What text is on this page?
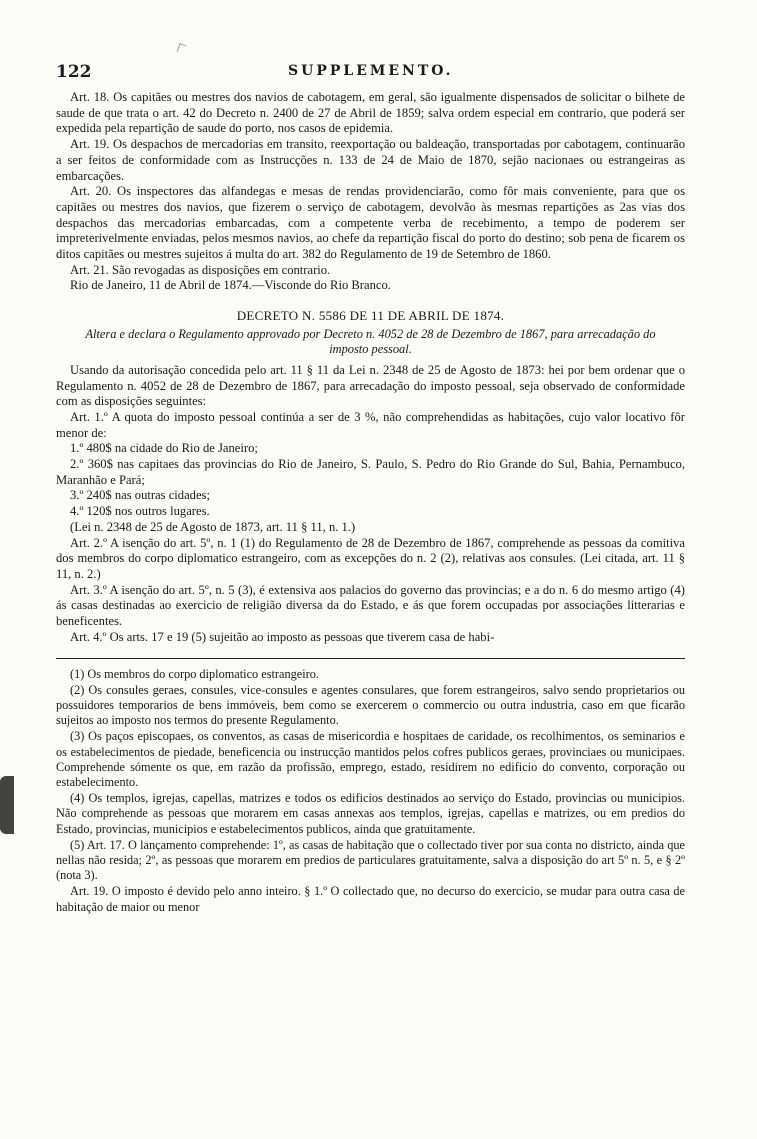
122	SUPPLEMENTO.

Art. 18. Os capitães ou mestres dos navios de cabotagem, em geral, são igualmente dispensados de solicitar o bilhete de saude de que trata o art. 42 do Decreto n. 2400 de 27 de Abril de 1859; salva ordem especial em contrario, que poderá ser expedida pela repartição de saude do porto, nos casos de epidemia.

Art. 19. Os despachos de mercadorias em transito, reexportação ou baldeação, transportadas por cabotagem, continuarão a ser feitos de conformidade com as Instrucções n. 133 de 24 de Maio de 1870, sejão nacionaes ou estrangeiras as embarcações.

Art. 20. Os inspectores das alfandegas e mesas de rendas providenciarão, como fôr mais conveniente, para que os capitães ou mestres dos navios, que fizerem o serviço de cabotagem, devolvão às mesmas repartições as 2as vias dos despachos das mercadorias embarcadas, com a competente verba de recebimento, a tempo de poderem ser impreterivelmente enviadas, pelos mesmos navios, ao chefe da repartição fiscal do porto do destino; sob pena de ficarem os ditos capitães ou mestres sujeitos á multa do art. 382 do Regulamento de 19 de Setembro de 1860.

Art. 21. São revogadas as disposições em contrario.

Rio de Janeiro, 11 de Abril de 1874.—Visconde do Rio Branco.

DECRETO N. 5586 DE 11 DE ABRIL DE 1874.
Altera e declara o Regulamento approvado por Decreto n. 4052 de 28 de Dezembro de 1867, para arrecadação do imposto pessoal.

Usando da autorisação concedida pelo art. 11 § 11 da Lei n. 2348 de 25 de Agosto de 1873: hei por bem ordenar que o Regulamento n. 4052 de 28 de Dezembro de 1867, para arrecadação do imposto pessoal, seja observado de conformidade com as disposições seguintes:

Art. 1.º A quota do imposto pessoal continúa a ser de 3 %, não comprehendidas as habitações, cujo valor locativo fôr menor de:

1.º 480$ na cidade do Rio de Janeiro;

2.º 360$ nas capitaes das provincias do Rio de Janeiro, S. Paulo, S. Pedro do Rio Grande do Sul, Bahia, Pernambuco, Maranhão e Pará;

3.º 240$ nas outras cidades;

4.º 120$ nos outros lugares.

(Lei n. 2348 de 25 de Agosto de 1873, art. 11 § 11, n. 1.)

Art. 2.º A isenção do art. 5º, n. 1 (1) do Regulamento de 28 de Dezembro de 1867, comprehende as pessoas da comitiva dos membros do corpo diplomatico estrangeiro, com as excepções do n. 2 (2), relativas aos consules. (Lei citada, art. 11 § 11, n. 2.)

Art. 3.º A isenção do art. 5º, n. 5 (3), é extensiva aos palacios do governo das provincias; e a do n. 6 do mesmo artigo (4) ás casas destinadas ao exercicio de religião diversa da do Estado, e ás que forem occupadas por associações litterarias e beneficentes.

Art. 4.º Os arts. 17 e 19 (5) sujeitão ao imposto as pessoas que tiverem casa de habi-

(1) Os membros do corpo diplomatico estrangeiro.

(2) Os consules geraes, consules, vice-consules e agentes consulares, que forem estrangeiros, salvo sendo proprietarios ou possuidores temporarios de bens immóveis, bem como se exercerem o commercio ou outra industria, caso em que ficarão sujeitos ao imposto nos termos do presente Regulamento.

(3) Os paços episcopaes, os conventos, as casas de misericordia e hospitaes de caridade, os recolhimentos, os seminarios e os estabelecimentos de piedade, beneficencia ou instrucção mantidos pelos cofres publicos geraes, provinciaes ou municipaes. Comprehende sómente os que, em razão da profissão, emprego, estado, residirem no edificio do convento, corporação ou estabelecimento.

(4) Os templos, igrejas, capellas, matrizes e todos os edificios destinados ao serviço do Estado, provincias ou municipios. Não comprehende as pessoas que morarem em casas annexas aos templos, igrejas, capellas e matrizes, ou em predios do Estado, provincias, municipios e estabelecimentos publicos, ainda que gratuitamente.

(5) Art. 17. O lançamento comprehende: 1º, as casas de habitação que o collectado tiver por sua conta no districto, ainda que nellas não resida; 2º, as pessoas que morarem em predios de particulares gratuitamente, salva a disposição do art 5º n. 5, e § 2º (nota 3).

Art. 19. O imposto é devido pelo anno inteiro. § 1.º O collectado que, no decurso do exercicio, se mudar para outra casa de habitação de maior ou menor
